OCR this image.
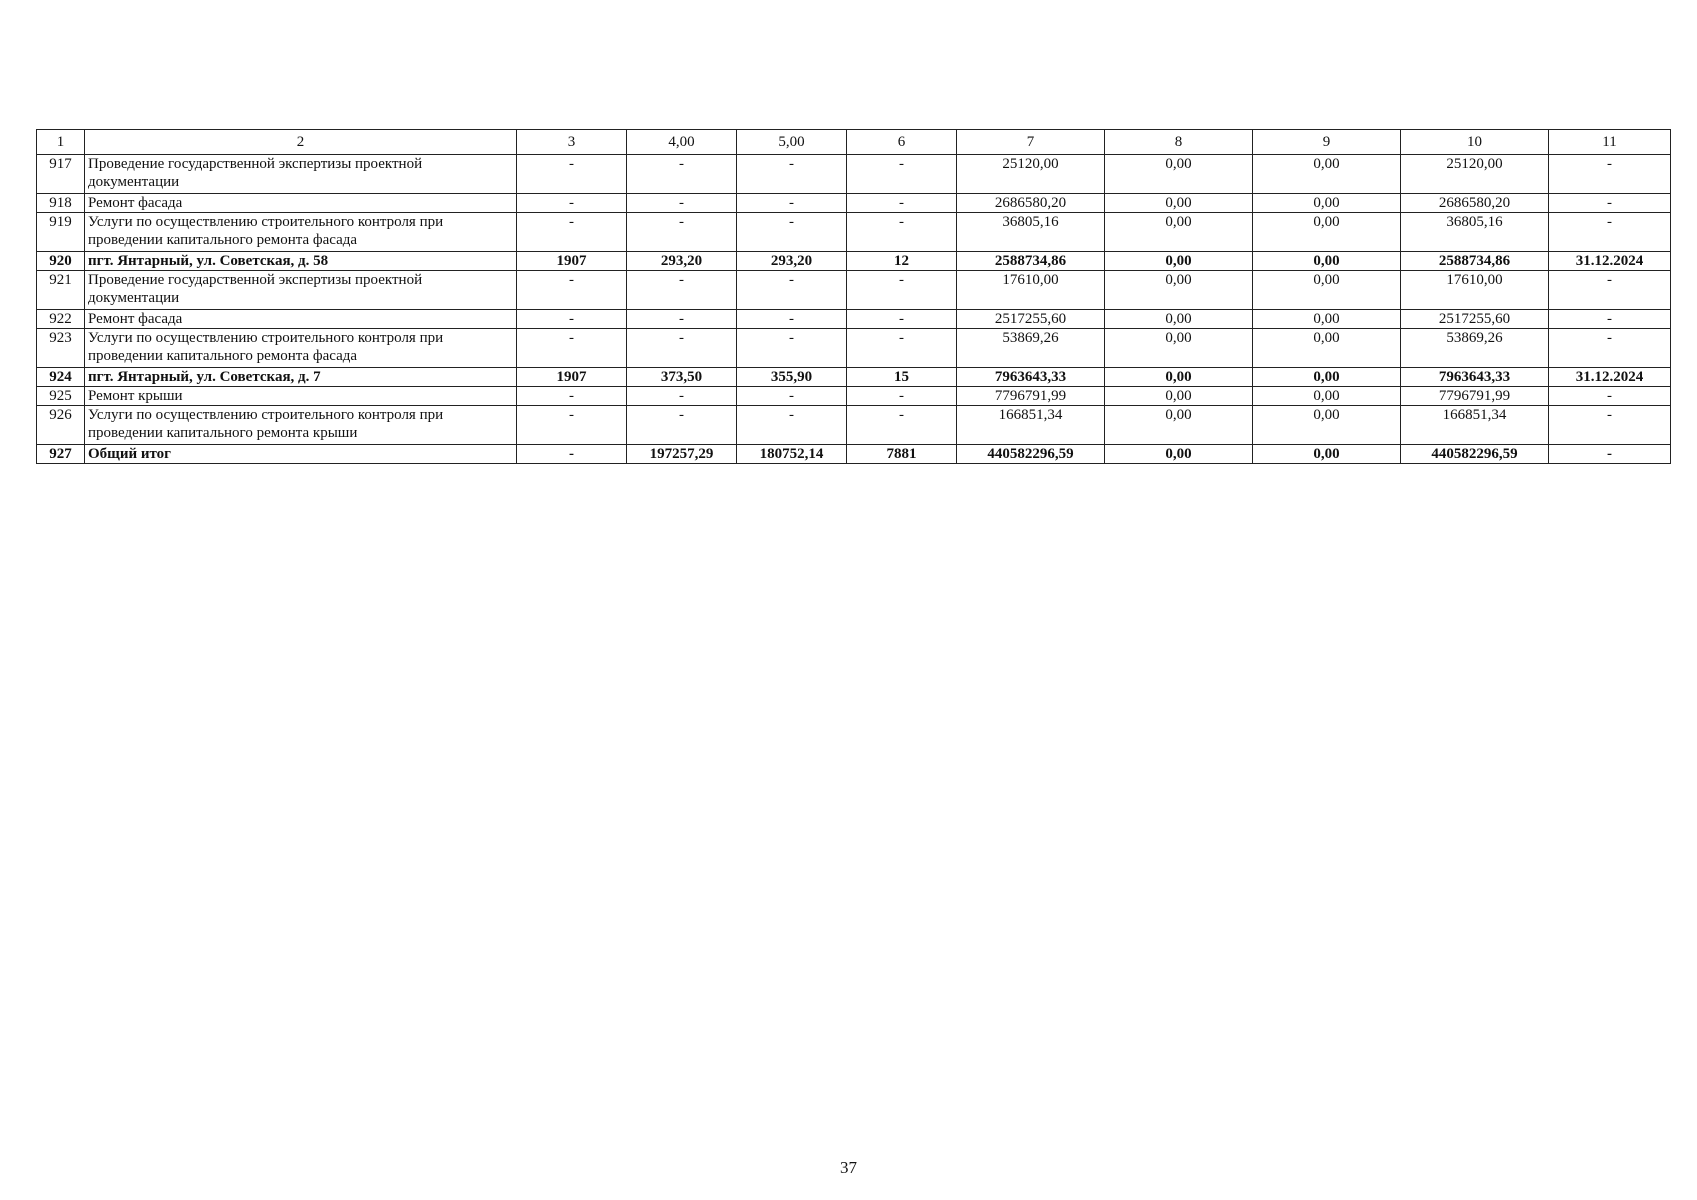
1	2	3	4,00	5,00	6	7	8	9	10	11
917	Проведение государственной экспертизы проектной документации	-	-	-	-	25120,00	0,00	0,00	25120,00	-
918	Ремонт фасада	-	-	-	-	2686580,20	0,00	0,00	2686580,20	-
919	Услуги по осуществлению строительного контроля при проведении капитального ремонта фасада	-	-	-	-	36805,16	0,00	0,00	36805,16	-
920	пгт. Янтарный, ул. Советская, д. 58	1907	293,20	293,20	12	2588734,86	0,00	0,00	2588734,86	31.12.2024
921	Проведение государственной экспертизы проектной документации	-	-	-	-	17610,00	0,00	0,00	17610,00	-
922	Ремонт фасада	-	-	-	-	2517255,60	0,00	0,00	2517255,60	-
923	Услуги по осуществлению строительного контроля при проведении капитального ремонта фасада	-	-	-	-	53869,26	0,00	0,00	53869,26	-
924	пгт. Янтарный, ул. Советская, д. 7	1907	373,50	355,90	15	7963643,33	0,00	0,00	7963643,33	31.12.2024
925	Ремонт крыши	-	-	-	-	7796791,99	0,00	0,00	7796791,99	-
926	Услуги по осуществлению строительного контроля при проведении капитального ремонта крыши	-	-	-	-	166851,34	0,00	0,00	166851,34	-
927	Общий итог	-	197257,29	180752,14	7881	440582296,59	0,00	0,00	440582296,59	-
37
